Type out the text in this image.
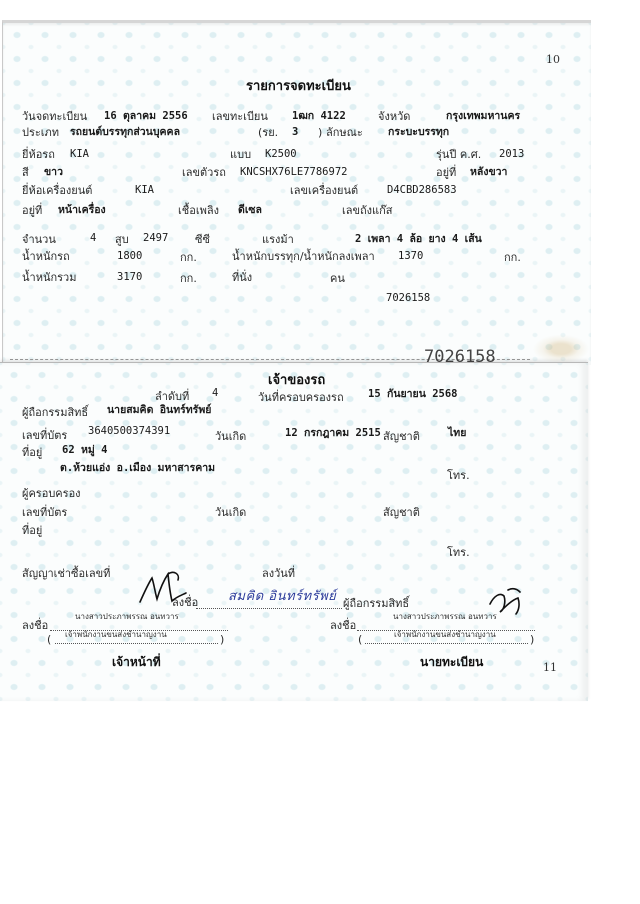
10
รายการจดทะเบียน
วันจดทะเบียน 16 ตุลาคม 2556 เลขทะเบียน 1ฒก 4122	จังหวัด	กรุงเทพมหานคร
ประเภท รถยนต์บรรทุกส่วนบุคคล	(รย. 3 ) ลักษณะ กระบะบรรทุก
ยี่ห้อรถ KIA	แบบ K2500	รุ่นปี ค.ศ. 2013
สี ขาว	เลขตัวรถ KNCSHX76LE7786972	อยู่ที่ หลังขวา
ยี่ห้อเครื่องยนต์	KIA	เลขเครื่องยนต์	D4CBD286583
อยู่ที่ หน้าเครื่อง	เชื้อเพลิง ดีเซล	เลขถังแก๊ส
จำนวน	4 สูบ 2497 ซีซี	แรงม้า	2 เพลา 4 ล้อ ยาง 4 เส้น
น้ำหนักรถ	1800	กก.	น้ำหนักบรรทุก/น้ำหนักลงเพลา 1370	กก.
น้ำหนักรวม	3170	กก.	ที่นั่ง	คน
7026158
7026158
เจ้าของรถ
ลำดับที่ 4	วันที่ครอบครองรถ 15 กันยายน 2568
ผู้ถือกรรมสิทธิ์ นายสมคิด อินทร์ทรัพย์
เลขที่บัตร 3640500374391	วันเกิด	12 กรกฎาคม 2515 สัญชาติ	ไทย
ที่อยู่ 62 หมู่ 4
ต.ห้วยแอ่ง อ.เมือง มหาสารคาม
โทร.
ผู้ครอบครอง
เลขที่บัตร	วันเกิด	สัญชาติ
ที่อยู่
โทร.
สัญญาเช่าซื้อเลขที่	ลงวันที่
ลงชื่อ สมคิด อินทร์ทรัพย์ ผู้ถือกรรมสิทธิ์
นางสาวประภาพรรณ อนทวาร
ลงชื่อ
( เจ้าพนักงานขนส่งชำนาญงาน	)
เจ้าหน้าที่
นางสาวประภาพรรณ อนทวาร
ลงชื่อ
(	เจ้าพนักงานขนส่งชำนาญงาน	)
นายทะเบียน	11
